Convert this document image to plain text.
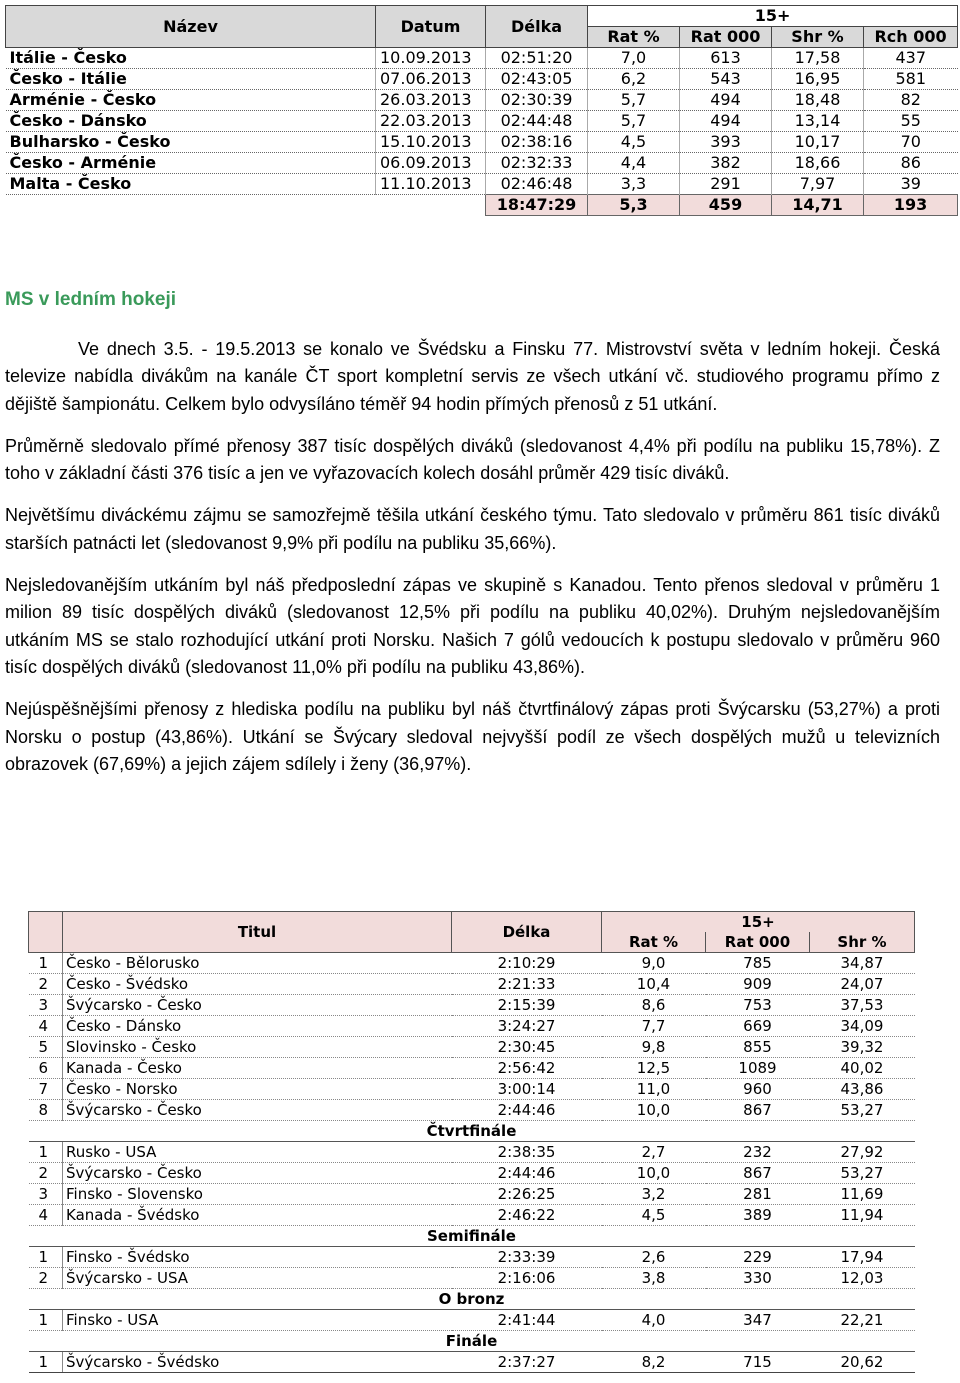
Název	Datum	Délka	15+			
			Rat %	Rat 000	Shr %	Rch 000
Itálie - Česko	10.09.2013	02:51:20	7,0	613	17,58	437
Česko - Itálie	07.06.2013	02:43:05	6,2	543	16,95	581
Arménie - Česko	26.03.2013	02:30:39	5,7	494	18,48	82
Česko - Dánsko	22.03.2013	02:44:48	5,7	494	13,14	55
Bulharsko - Česko	15.10.2013	02:38:16	4,5	393	10,17	70
Česko - Arménie	06.09.2013	02:32:33	4,4	382	18,66	86
Malta - Česko	11.10.2013	02:46:48	3,3	291	7,97	39
		18:47:29	5,3	459	14,71	193
MS v ledním hokeji

Ve dnech 3.5. - 19.5.2013 se konalo ve Švédsku a Finsku 77. Mistrovství světa v ledním hokeji. Česká televize nabídla divákům na kanále ČT sport kompletní servis ze všech utkání vč. studiového programu přímo z dějiště šampionátu. Celkem bylo odvysíláno téměř 94 hodin přímých přenosů z 51 utkání.

Průměrně sledovalo přímé přenosy 387 tisíc dospělých diváků (sledovanost 4,4% při podílu na publiku 15,78%). Z toho v základní části 376 tisíc a jen ve vyřazovacích kolech dosáhl průměr 429 tisíc diváků.

Největšímu diváckému zájmu se samozřejmě těšila utkání českého týmu. Tato sledovalo v průměru 861 tisíc diváků starších patnácti let (sledovanost 9,9% při podílu na publiku 35,66%).

Nejsledovanějším utkáním byl náš předposlední zápas ve skupině s Kanadou. Tento přenos sledoval v průměru 1 milion 89 tisíc dospělých diváků (sledovanost 12,5% při podílu na publiku 40,02%). Druhým nejsledovanějším utkáním MS se stalo rozhodující utkání proti Norsku. Našich 7 gólů vedoucích k postupu sledovalo v průměru 960 tisíc dospělých diváků (sledovanost 11,0% při podílu na publiku 43,86%).

Nejúspěšnějšími přenosy z hlediska podílu na publiku byl náš čtvrtfinálový zápas proti Švýcarsku (53,27%) a proti Norsku o postup (43,86%). Utkání se Švýcary sledoval nejvyšší podíl ze všech dospělých mužů u televizních obrazovek (67,69%) a jejich zájem sdílely i ženy (36,97%).

	Titul	Délka	15+		
			Rat %	Rat 000	Shr %
1	Česko - Bělorusko	2:10:29	9,0	785	34,87
2	Česko - Švédsko	2:21:33	10,4	909	24,07
3	Švýcarsko - Česko	2:15:39	8,6	753	37,53
4	Česko - Dánsko	3:24:27	7,7	669	34,09
5	Slovinsko - Česko	2:30:45	9,8	855	39,32
6	Kanada - Česko	2:56:42	12,5	1089	40,02
7	Česko - Norsko	3:00:14	11,0	960	43,86
8	Švýcarsko - Česko	2:44:46	10,0	867	53,27
Čtvrtfinále					
1	Rusko - USA	2:38:35	2,7	232	27,92
2	Švýcarsko - Česko	2:44:46	10,0	867	53,27
3	Finsko - Slovensko	2:26:25	3,2	281	11,69
4	Kanada - Švédsko	2:46:22	4,5	389	11,94
Semifinále					
1	Finsko - Švédsko	2:33:39	2,6	229	17,94
2	Švýcarsko - USA	2:16:06	3,8	330	12,03
O bronz					
1	Finsko - USA	2:41:44	4,0	347	22,21
Finále					
1	Švýcarsko - Švédsko	2:37:27	8,2	715	20,62
